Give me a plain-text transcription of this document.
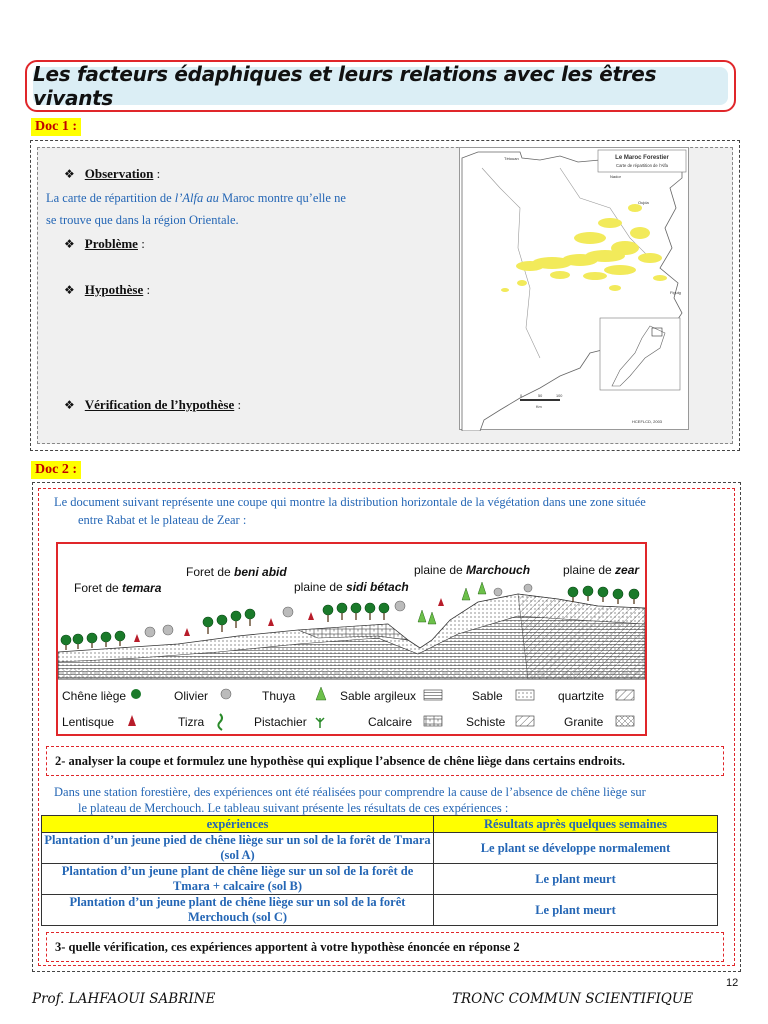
Les facteurs édaphiques et leurs relations avec les êtres vivants
Doc 1 :
❖ Observation :
La carte de répartition de l’Alfa au Maroc montre qu’elle ne
se trouve que dans la région Orientale.
❖ Problème :
❖ Hypothèse :
❖ Vérification de l’hypothèse :
Le Maroc Forestier
Carte de répartition de l’Alfa
Tétouan
Nador
Oujda
Figuig
0	50	100
Km
HCEFLCD, 2003
Doc 2 :
Le document suivant représente une coupe qui montre la distribution horizontale de la végétation dans une zone située
entre Rabat et le plateau de Zear :
Foret de beni abid	plaine de Marchouch	plaine de zear
Foret de temara	plaine de sidi bétach
Chêne liège	Olivier	Thuya	Sable argileux	Sable	quartzite
Lentisque	Tizra	Pistachier	Calcaire	Schiste	Granite
2- analyser la coupe et formulez une hypothèse qui explique l’absence de chêne liège dans certains endroits.
Dans une station forestière, des expériences ont été réalisées pour comprendre la cause de l’absence de chêne liège sur
le plateau de Merchouch. Le tableau suivant présente les résultats de ces expériences :
expériences	Résultats après quelques semaines
Plantation d’un jeune pied de chêne liège sur un sol de la forêt de Tmara (sol A)	Le plant se développe normalement
Plantation d’un jeune plant de chêne liège sur un sol de la forêt de Tmara + calcaire (sol B)	Le plant meurt
Plantation d’un jeune plant de chêne liège sur un sol de la forêt Merchouch (sol C)	Le plant meurt
3- quelle vérification, ces expériences apportent à votre hypothèse énoncée en réponse 2
12
Prof. LAHFAOUI SABRINE	TRONC COMMUN SCIENTIFIQUE
